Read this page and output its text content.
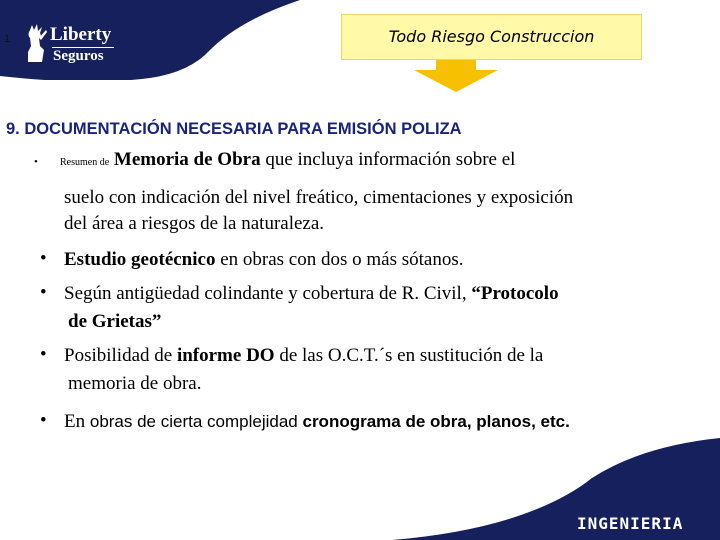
1 Liberty
Seguros
Todo Riesgo Construccion
9. DOCUMENTACIÓN NECESARIA PARA EMISIÓN POLIZA
• Resumen de Memoria de Obra que incluya información sobre el
suelo con indicación del nivel freático, cimentaciones y exposición
del área a riesgos de la naturaleza.
• Estudio geotécnico en obras con dos o más sótanos.
• Según antigüedad colindante y cobertura de R. Civil, “Protocolo
de Grietas”
• Posibilidad de informe DO de las O.C.T.´s en sustitución de la
memoria de obra.
• En obras de cierta complejidad cronograma de obra, planos, etc.
INGENIERIA
